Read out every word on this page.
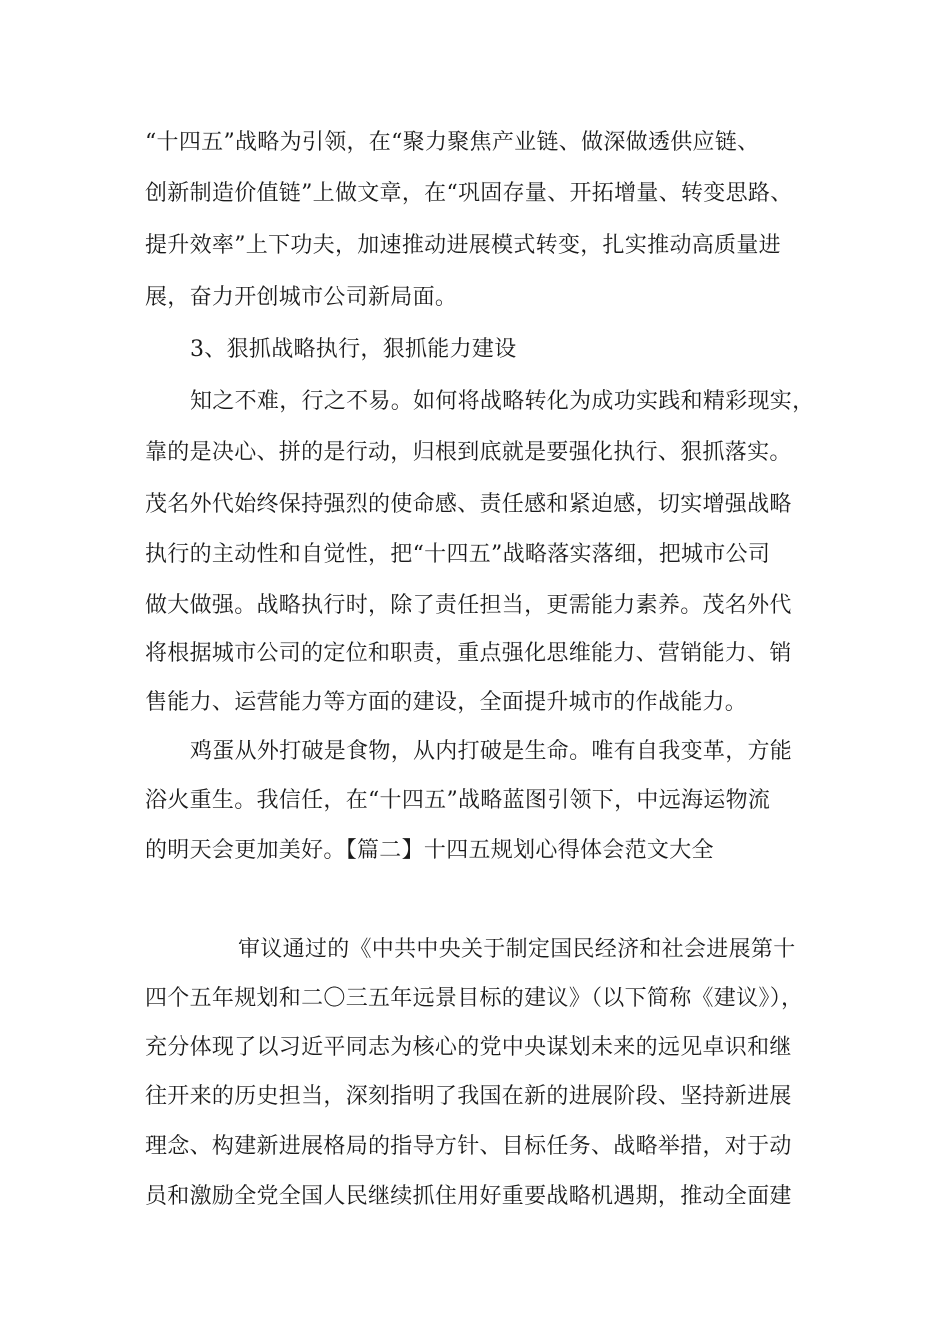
“十四五”战略为引领，在“聚力聚焦产业链、做深做透供应链、
创新制造价值链”上做文章，在“巩固存量、开拓增量、转变思路、
提升效率”上下功夫，加速推动进展模式转变，扎实推动高质量进
展，奋力开创城市公司新局面。
3、狠抓战略执行，狠抓能力建设
知之不难，行之不易。如何将战略转化为成功实践和精彩现实，
靠的是决心、拼的是行动，归根到底就是要强化执行、狠抓落实。
茂名外代始终保持强烈的使命感、责任感和紧迫感，切实增强战略
执行的主动性和自觉性，把“十四五”战略落实落细，把城市公司
做大做强。战略执行时，除了责任担当，更需能力素养。茂名外代
将根据城市公司的定位和职责，重点强化思维能力、营销能力、销
售能力、运营能力等方面的建设，全面提升城市的作战能力。
鸡蛋从外打破是食物，从内打破是生命。唯有自我变革，方能
浴火重生。我信任，在“十四五”战略蓝图引领下，中远海运物流
的明天会更加美好。【篇二】十四五规划心得体会范文大全
审议通过的《中共中央关于制定国民经济和社会进展第十
四个五年规划和二〇三五年远景目标的建议》（以下简称《建议》），
充分体现了以习近平同志为核心的党中央谋划未来的远见卓识和继
往开来的历史担当，深刻指明了我国在新的进展阶段、坚持新进展
理念、构建新进展格局的指导方针、目标任务、战略举措，对于动
员和激励全党全国人民继续抓住用好重要战略机遇期，推动全面建
